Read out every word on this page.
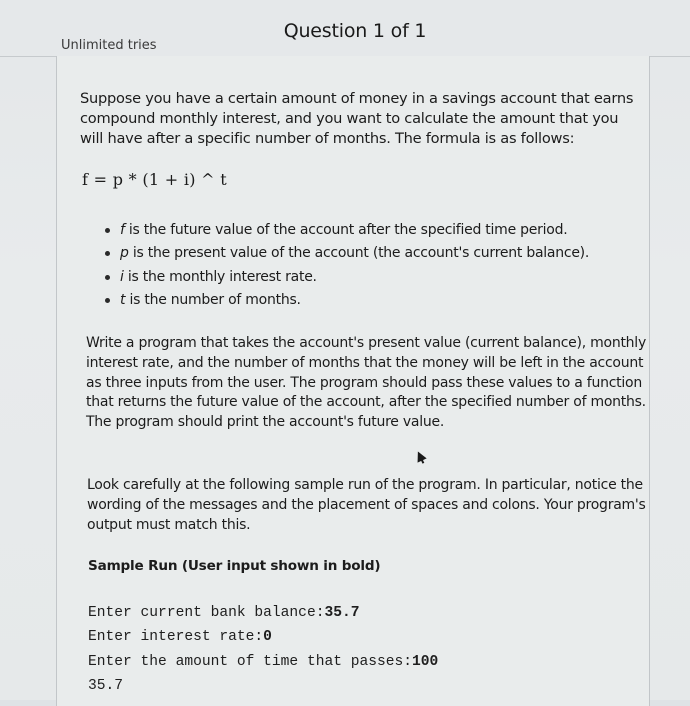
Question 1 of 1
Unlimited tries

Suppose you have a certain amount of money in a savings account that earns compound monthly interest, and you want to calculate the amount that you will have after a specific number of months. The formula is as follows:

f = p * (1 + i) ^ t

f is the future value of the account after the specified time period.
p is the present value of the account (the account's current balance).
i is the monthly interest rate.
t is the number of months.

Write a program that takes the account's present value (current balance), monthly interest rate, and the number of months that the money will be left in the account as three inputs from the user. The program should pass these values to a function that returns the future value of the account, after the specified number of months. The program should print the account's future value.

Look carefully at the following sample run of the program. In particular, notice the wording of the messages and the placement of spaces and colons. Your program's output must match this.

Sample Run (User input shown in bold)

Enter current bank balance:35.7
Enter interest rate:0
Enter the amount of time that passes:100
35.7
